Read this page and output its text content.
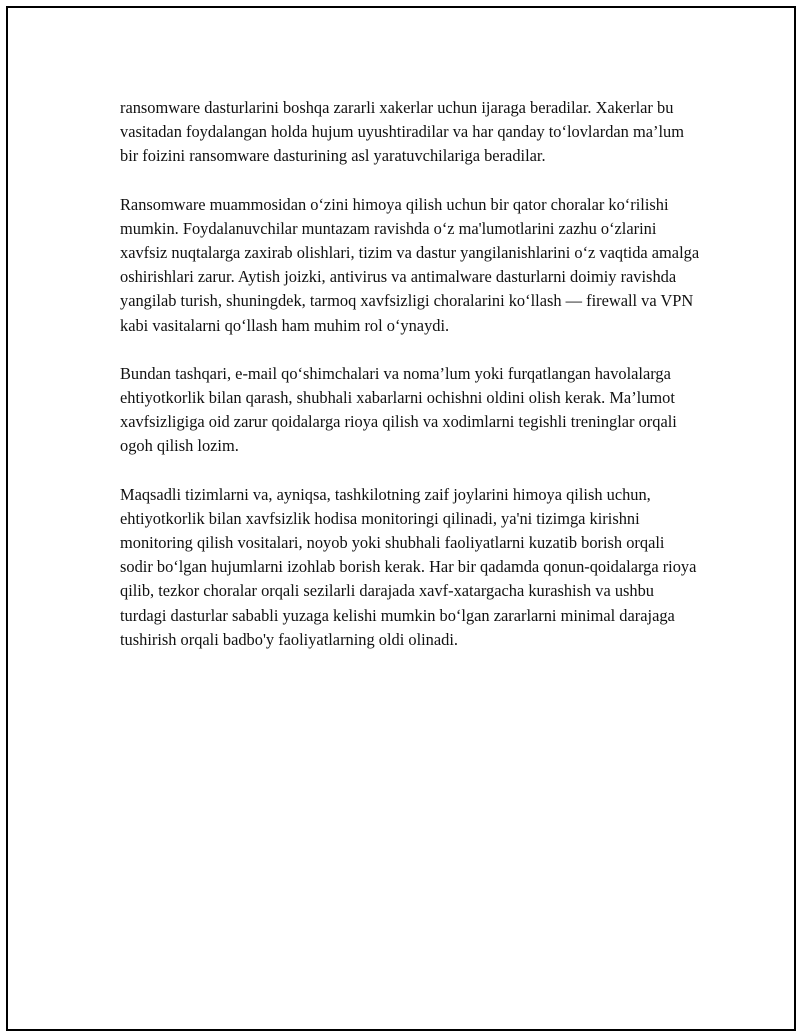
ransomware dasturlarini boshqa zararli xakerlar uchun ijaraga beradilar. Xakerlar bu vasitadan foydalangan holda hujum uyushtiradilar va har qanday to‘lovlardan ma’lum bir foizini ransomware dasturining asl yaratuvchilariga beradilar.

Ransomware muammosidan o‘zini himoya qilish uchun bir qator choralar ko‘rilishi mumkin. Foydalanuvchilar muntazam ravishda o‘z ma'lumotlarini zazhu o‘zlarini xavfsiz nuqtalarga zaxirab olishlari, tizim va dastur yangilanishlarini o‘z vaqtida amalga oshirishlari zarur. Aytish joizki, antivirus va antimalware dasturlarni doimiy ravishda yangilab turish, shuningdek, tarmoq xavfsizligi choralarini ko‘llash — firewall va VPN kabi vasitalarni qo‘llash ham muhim rol o‘ynaydi.

Bundan tashqari, e-mail qo‘shimchalari va noma’lum yoki furqatlangan havolalarga ehtiyotkorlik bilan qarash, shubhali xabarlarni ochishni oldini olish kerak. Ma’lumot xavfsizligiga oid zarur qoidalarga rioya qilish va xodimlarni tegishli treninglar orqali ogoh qilish lozim.

Maqsadli tizimlarni va, ayniqsa, tashkilotning zaif joylarini himoya qilish uchun, ehtiyotkorlik bilan xavfsizlik hodisa monitoringi qilinadi, ya'ni tizimga kirishni monitoring qilish vositalari, noyob yoki shubhali faoliyatlarni kuzatib borish orqali sodir bo‘lgan hujumlarni izohlab borish kerak. Har bir qadamda qonun-qoidalarga rioya qilib, tezkor choralar orqali sezilarli darajada xavf-xatargacha kurashish va ushbu turdagi dasturlar sababli yuzaga kelishi mumkin bo‘lgan zararlarni minimal darajaga tushirish orqali badbo'y faoliyatlarning oldi olinadi.
